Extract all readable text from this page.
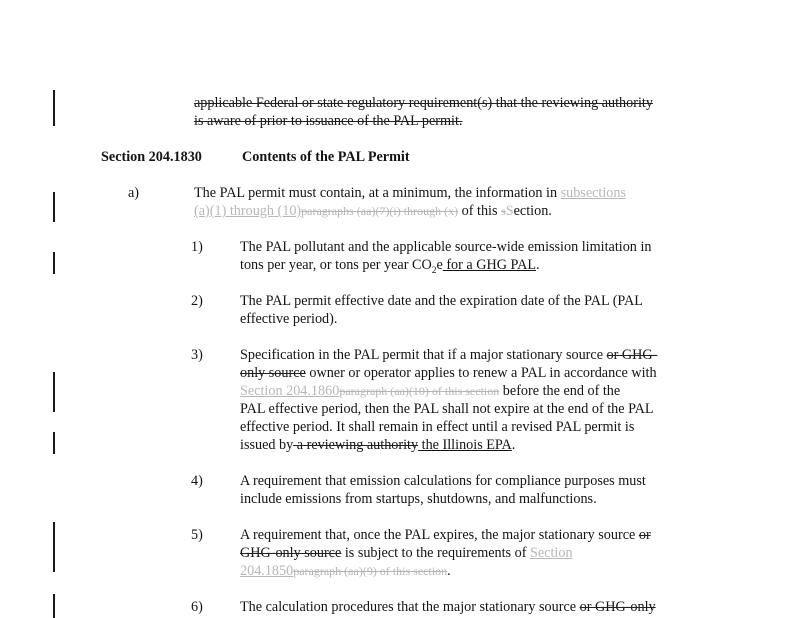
applicable Federal or state regulatory requirement(s) that the reviewing authority
is aware of prior to issuance of the PAL permit.
Section 204.1830	Contents of the PAL Permit
a)	The PAL permit must contain, at a minimum, the information in subsections
(a)(1) through (10)paragraphs (aa)(7)(i) through (x) of this sSection.
1)	The PAL pollutant and the applicable source-wide emission limitation in
tons per year, or tons per year $CO_2e$ for a GHG PAL.
2)	The PAL permit effective date and the expiration date of the PAL (PAL
effective period).
3)	Specification in the PAL permit that if a major stationary source or GHG-
only source owner or operator applies to renew a PAL in accordance with
Section 204.1860paragraph (aa)(10) of this section before the end of the
PAL effective period, then the PAL shall not expire at the end of the PAL
effective period. It shall remain in effect until a revised PAL permit is
issued by a reviewing authority the Illinois EPA.
4)	A requirement that emission calculations for compliance purposes must
include emissions from startups, shutdowns, and malfunctions.
5)	A requirement that, once the PAL expires, the major stationary source or
GHG-only source is subject to the requirements of Section
204.1850paragraph (aa)(9) of this section.
6)	The calculation procedures that the major stationary source or GHG-only
